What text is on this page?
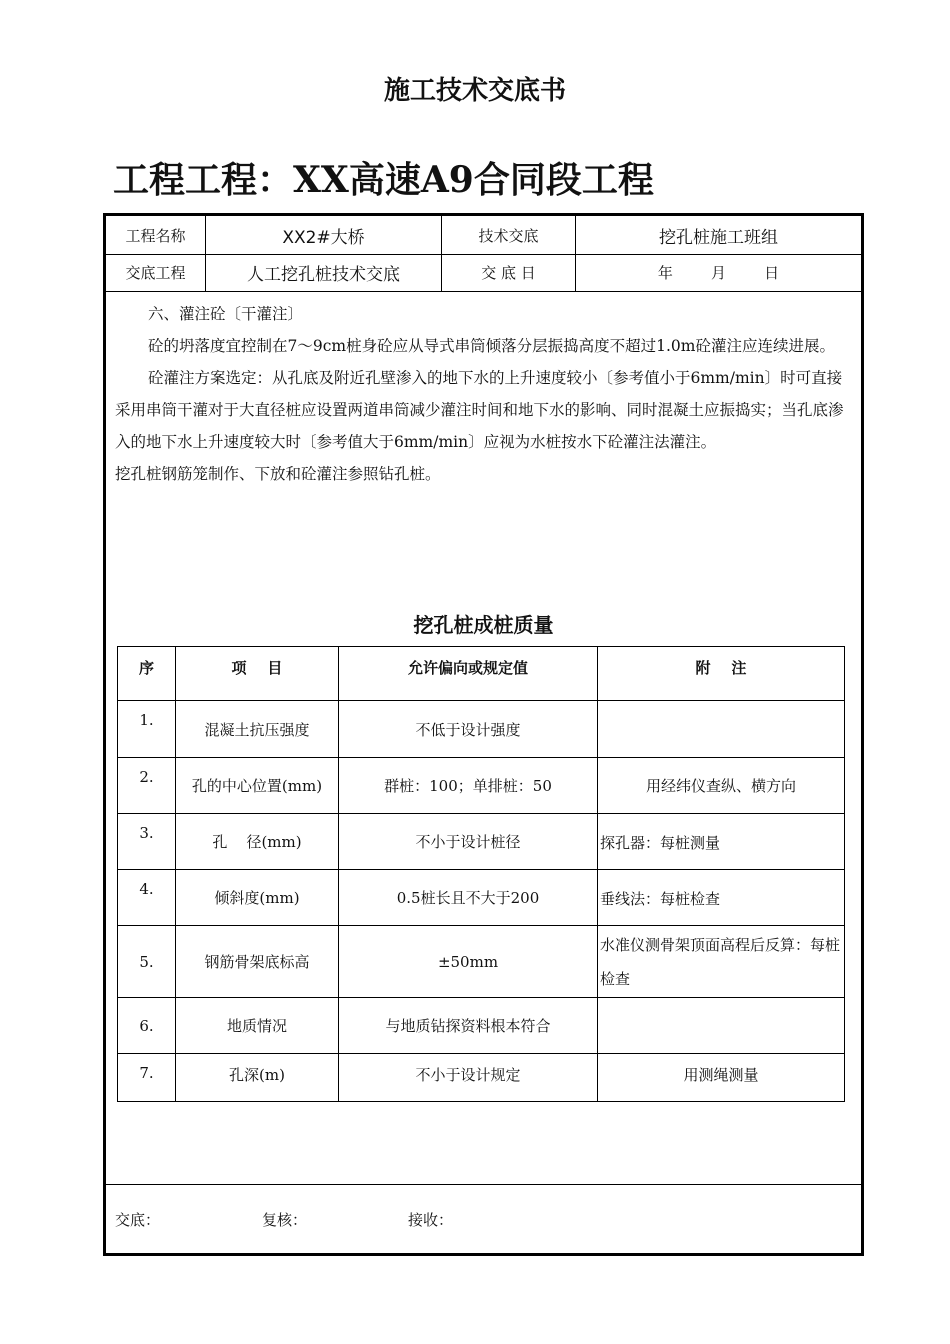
施工技术交底书
工程工程：XX高速A9合同段工程
工程名称	XX2#大桥	技术交底	挖孔桩施工班组
交底工程	人工挖孔桩技术交底	交 底 日	年        月        日

六、灌注砼〔干灌注〕

砼的坍落度宜控制在7～9cm桩身砼应从导式串筒倾落分层振捣高度不超过1.0m砼灌注应连续进展。

砼灌注方案选定：从孔底及附近孔壁渗入的地下水的上升速度较小〔参考值小于6mm/min〕时可直接采用串筒干灌对于大直径桩应设置两道串筒减少灌注时间和地下水的影响、同时混凝土应振捣实；当孔底渗入的地下水上升速度较大时〔参考值大于6mm/min〕应视为水桩按水下砼灌注法灌注。

挖孔桩钢筋笼制作、下放和砼灌注参照钻孔桩。

挖孔桩成桩质量
序	项    目	允许偏向或规定值	附    注
1.	混凝土抗压强度	不低于设计强度	
2.	孔的中心位置(mm)	群桩：100；单排桩：50	用经纬仪查纵、横方向
3.	孔    径(mm)	不小于设计桩径	探孔器：每桩测量
4.	倾斜度(mm)	0.5桩长且不大于200	垂线法：每桩检查
5.	钢筋骨架底标高	±50mm	水准仪测骨架顶面高程后反算：每桩检查
6.	地质情况	与地质钻探资料根本符合	
7.	孔深(m)	不小于设计规定	用测绳测量
交底：	复核：	接收：
